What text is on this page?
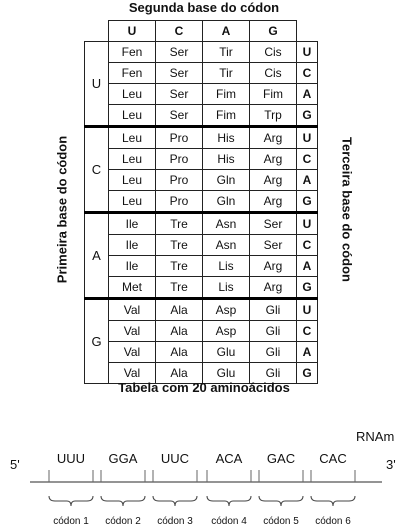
Segunda base do códon
Primeira base do códon	Terceira base do códon
	U	C	A	G	
U	Fen	Ser	Tir	Cis	U
	Fen	Ser	Tir	Cis	C
	Leu	Ser	Fim	Fim	A
	Leu	Ser	Fim	Trp	G
C	Leu	Pro	His	Arg	U
	Leu	Pro	His	Arg	C
	Leu	Pro	Gln	Arg	A
	Leu	Pro	Gln	Arg	G
A	Ile	Tre	Asn	Ser	U
	Ile	Tre	Asn	Ser	C
	Ile	Tre	Lis	Arg	A
	Met	Tre	Lis	Arg	G
G	Val	Ala	Asp	Gli	U
	Val	Ala	Asp	Gli	C
	Val	Ala	Glu	Gli	A
	Val	Ala	Glu	Gli	G
Tabela com 20 aminoácidos
RNAm
5'	3'
UUU	GGA	UUC	ACA	GAC	CAC
códon 1	códon 2	códon 3	códon 4	códon 5	códon 6
